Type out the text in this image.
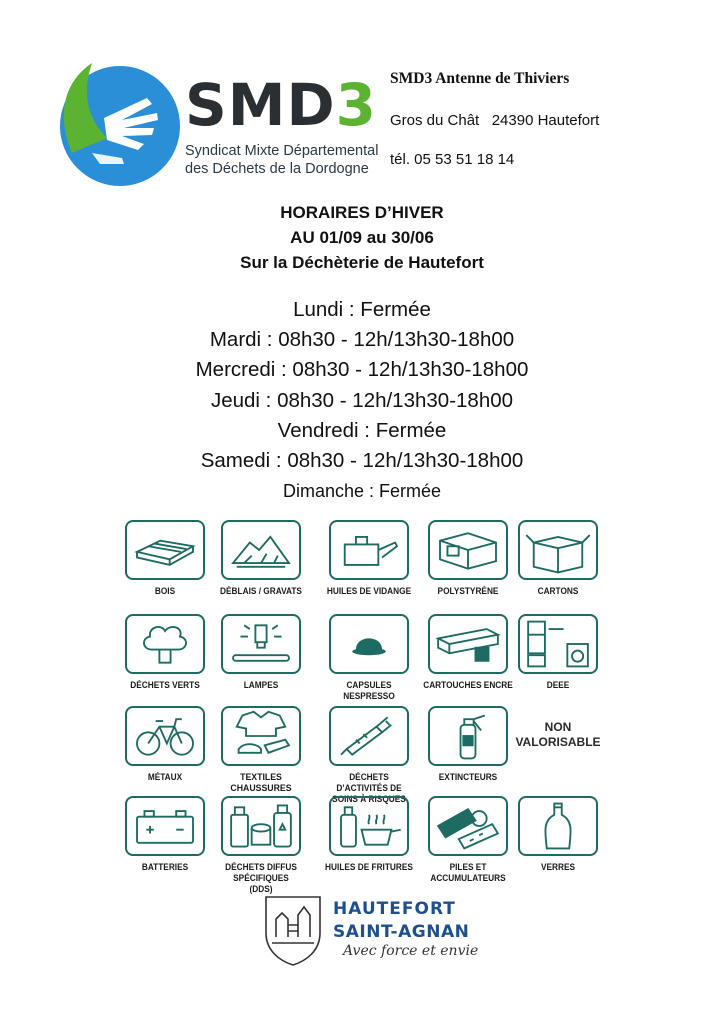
SMD3
Syndicat Mixte Départemental
des Déchets de la Dordogne
SMD3 Antenne de Thiviers
Gros du Chât   24390 Hautefort
tél. 05 53 51 18 14
HORAIRES D’HIVER
AU 01/09 au 30/06
Sur la Déchèterie de Hautefort
Lundi : Fermée
Mardi : 08h30 - 12h/13h30-18h00
Mercredi : 08h30 - 12h/13h30-18h00
Jeudi : 08h30 - 12h/13h30-18h00
Vendredi : Fermée
Samedi : 08h30 - 12h/13h30-18h00
Dimanche : Fermée
BOIS	DÉBLAIS / GRAVATS	HUILES DE VIDANGE	POLYSTYRÈNE	CARTONS
DÉCHETS VERTS	LAMPES	CAPSULES NESPRESSO
CARTOUCHES ENCRE	DEEE
MÉTAUX	TEXTILES CHAUSSURES
DÉCHETS D’ACTIVITÉS DE SOINS À RISQUES
EXTINCTEURS
NON VALORISABLE
BATTERIES	DÉCHETS DIFFUS SPÉCIFIQUES (DDS)
HUILES DE FRITURES	PILES ET ACCUMULATEURS
VERRES
HAUTEFORT
SAINT-AGNAN
Avec force et envie
